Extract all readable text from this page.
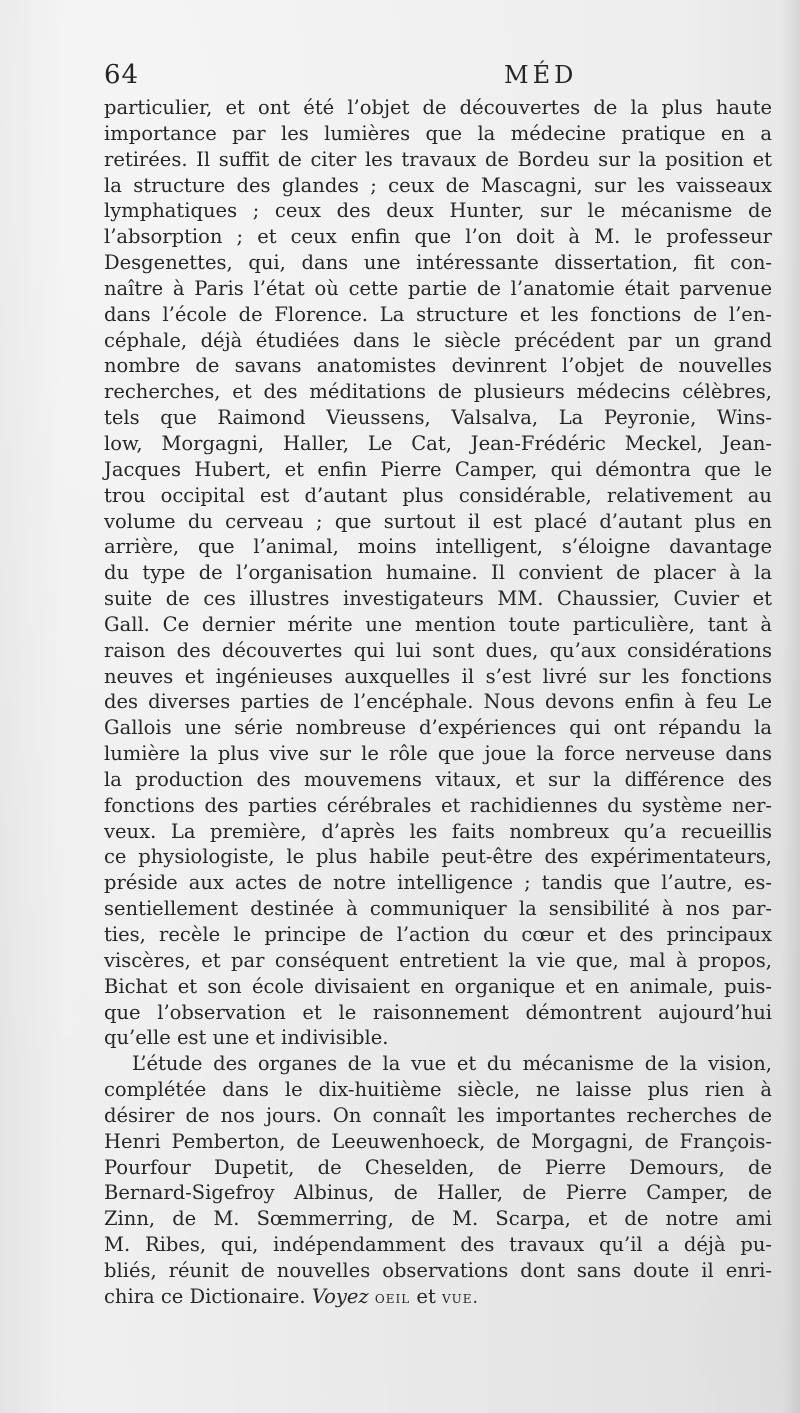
64	MÉD
particulier, et ont été l’objet de découvertes de la plus haute
importance par les lumières que la médecine pratique en a
retirées. Il suffit de citer les travaux de Bordeu sur la position et
la structure des glandes ; ceux de Mascagni, sur les vaisseaux
lymphatiques ; ceux des deux Hunter, sur le mécanisme de
l’absorption ; et ceux enfin que l’on doit à M. le professeur
Desgenettes, qui, dans une intéressante dissertation, fit con-
naître à Paris l’état où cette partie de l’anatomie était parvenue
dans l’école de Florence. La structure et les fonctions de l’en-
céphale, déjà étudiées dans le siècle précédent par un grand
nombre de savans anatomistes devinrent l’objet de nouvelles
recherches, et des méditations de plusieurs médecins célèbres,
tels que Raimond Vieussens, Valsalva, La Peyronie, Wins-
low, Morgagni, Haller, Le Cat, Jean-Frédéric Meckel, Jean-
Jacques Hubert, et enfin Pierre Camper, qui démontra que le
trou occipital est d’autant plus considérable, relativement au
volume du cerveau ; que surtout il est placé d’autant plus en
arrière, que l’animal, moins intelligent, s’éloigne davantage
du type de l’organisation humaine. Il convient de placer à la
suite de ces illustres investigateurs MM. Chaussier, Cuvier et
Gall. Ce dernier mérite une mention toute particulière, tant à
raison des découvertes qui lui sont dues, qu’aux considérations
neuves et ingénieuses auxquelles il s’est livré sur les fonctions
des diverses parties de l’encéphale. Nous devons enfin à feu Le
Gallois une série nombreuse d’expériences qui ont répandu la
lumière la plus vive sur le rôle que joue la force nerveuse dans
la production des mouvemens vitaux, et sur la différence des
fonctions des parties cérébrales et rachidiennes du système ner-
veux. La première, d’après les faits nombreux qu’a recueillis
ce physiologiste, le plus habile peut-être des expérimentateurs,
préside aux actes de notre intelligence ; tandis que l’autre, es-
sentiellement destinée à communiquer la sensibilité à nos par-
ties, recèle le principe de l’action du cœur et des principaux
viscères, et par conséquent entretient la vie que, mal à propos,
Bichat et son école divisaient en organique et en animale, puis-
que l’observation et le raisonnement démontrent aujourd’hui
qu’elle est une et indivisible.
L’étude des organes de la vue et du mécanisme de la vision,
complétée dans le dix-huitième siècle, ne laisse plus rien à
désirer de nos jours. On connaît les importantes recherches de
Henri Pemberton, de Leeuwenhoeck, de Morgagni, de François-
Pourfour Dupetit, de Cheselden, de Pierre Demours, de
Bernard-Sigefroy Albinus, de Haller, de Pierre Camper, de
Zinn, de M. Sœmmerring, de M. Scarpa, et de notre ami
M. Ribes, qui, indépendamment des travaux qu’il a déjà pu-
bliés, réunit de nouvelles observations dont sans doute il enri-
chira ce Dictionaire. Voyez oeil et vue.
